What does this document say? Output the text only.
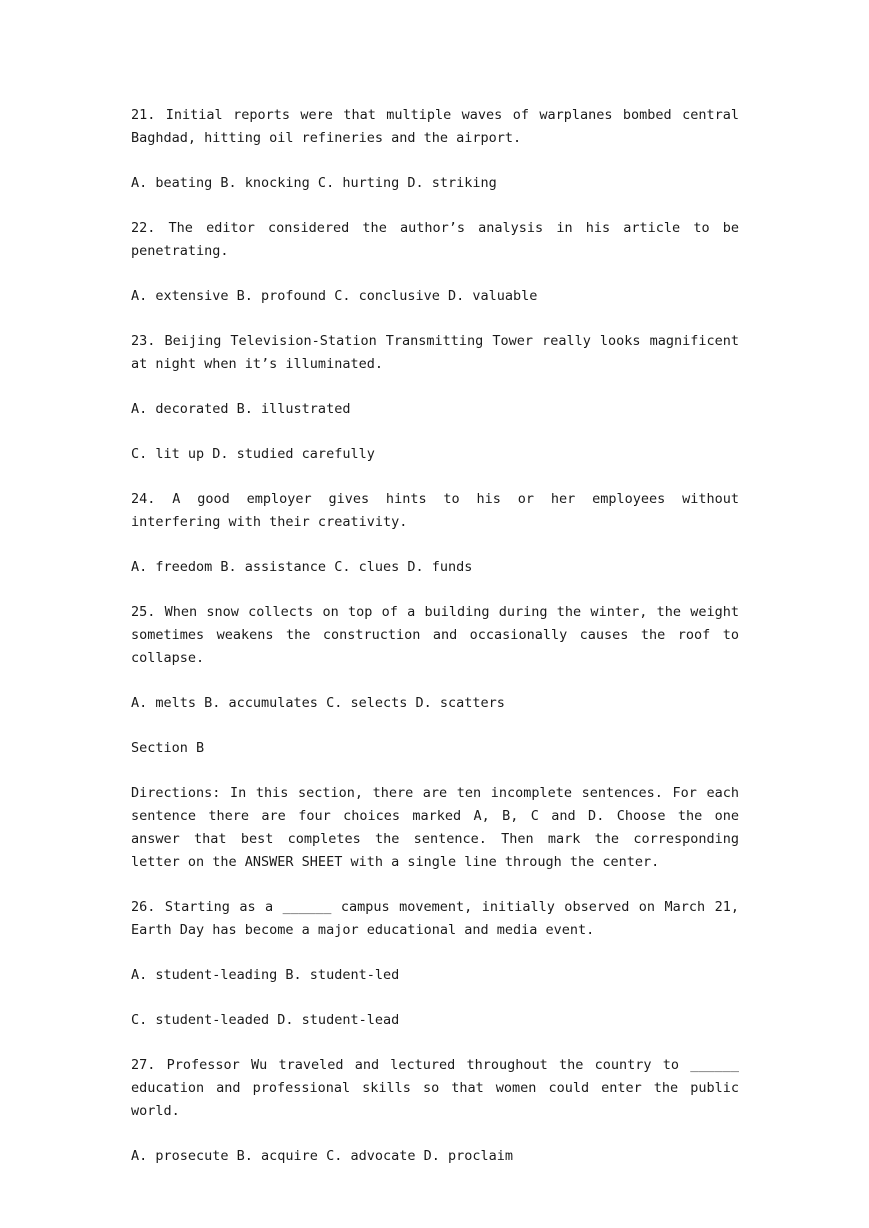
21. Initial reports were that multiple waves of warplanes bombed central Baghdad, hitting oil refineries and the airport.

A. beating B. knocking C. hurting D. striking

22. The editor considered the author’s analysis in his article to be penetrating.

A. extensive B. profound C. conclusive D. valuable

23. Beijing Television-Station Transmitting Tower really looks magnificent at night when it’s illuminated.

A. decorated B. illustrated

C. lit up D. studied carefully

24. A good employer gives hints to his or her employees without interfering with their creativity.

A. freedom B. assistance C. clues D. funds

25. When snow collects on top of a building during the winter, the weight sometimes weakens the construction and occasionally causes the roof to collapse.

A. melts B. accumulates C. selects D. scatters

Section B

Directions: In this section, there are ten incomplete sentences. For each sentence there are four choices marked A, B, C and D. Choose the one answer that best completes the sentence. Then mark the corresponding letter on the ANSWER SHEET with a single line through the center.

26. Starting as a ______ campus movement, initially observed on March 21, Earth Day has become a major educational and media event.

A. student-leading B. student-led

C. student-leaded D. student-lead

27. Professor Wu traveled and lectured throughout the country to ______ education and professional skills so that women could enter the public world.

A. prosecute B. acquire C. advocate D. proclaim
